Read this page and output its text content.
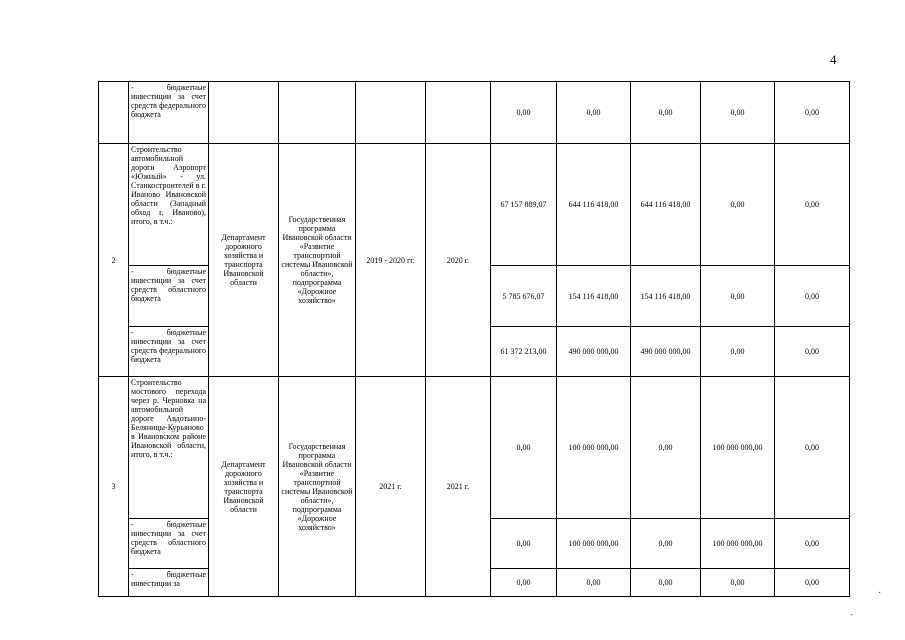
4
	- бюджетные инвестиции за счет средств федерального бюджета					0,00	0,00	0,00	0,00	0,00
2	Строительство автомобильной дороги Аэропорт «Южный» - ул. Станкостроителей в г. Иваново Ивановской области (Западный обход г. Иваново), итого, в т.ч.:	Департамент дорожного хозяйства и транспорта Ивановской области	Государственная программа Ивановской области «Развитие транспортной системы Ивановской области», подпрограмма «Дорожное хозяйство»	2019 - 2020 гг.	2020 г.	67 157 889,07	644 116 418,00	644 116 418,00	0,00	0,00
	- бюджетные инвестиции за счет средств областного бюджета					5 785 676,07	154 116 418,00	154 116 418,00	0,00	0,00
	- бюджетные инвестиции за счет средств федерального бюджета					61 372 213,00	490 000 000,00	490 000 000,00	0,00	0,00
3	Строительство мостового перехода через р. Черновка на автомобильной дороге Авдотьино-Беляницы-Курьяново в Ивановском районе Ивановской области, итого, в т.ч.:	Департамент дорожного хозяйства и транспорта Ивановской области	Государственная программа Ивановской области «Развитие транспортной системы Ивановской области», подпрограмма «Дорожное хозяйство»	2021 г.	2021 г.	0,00	100 000 000,00	0,00	100 000 000,00	0,00
	- бюджетные инвестиции за счет средств областного бюджета					0,00	100 000 000,00	0,00	100 000 000,00	0,00
	- бюджетные инвестиции за					0,00	0,00	0,00	0,00	0,00
·
ˏ
